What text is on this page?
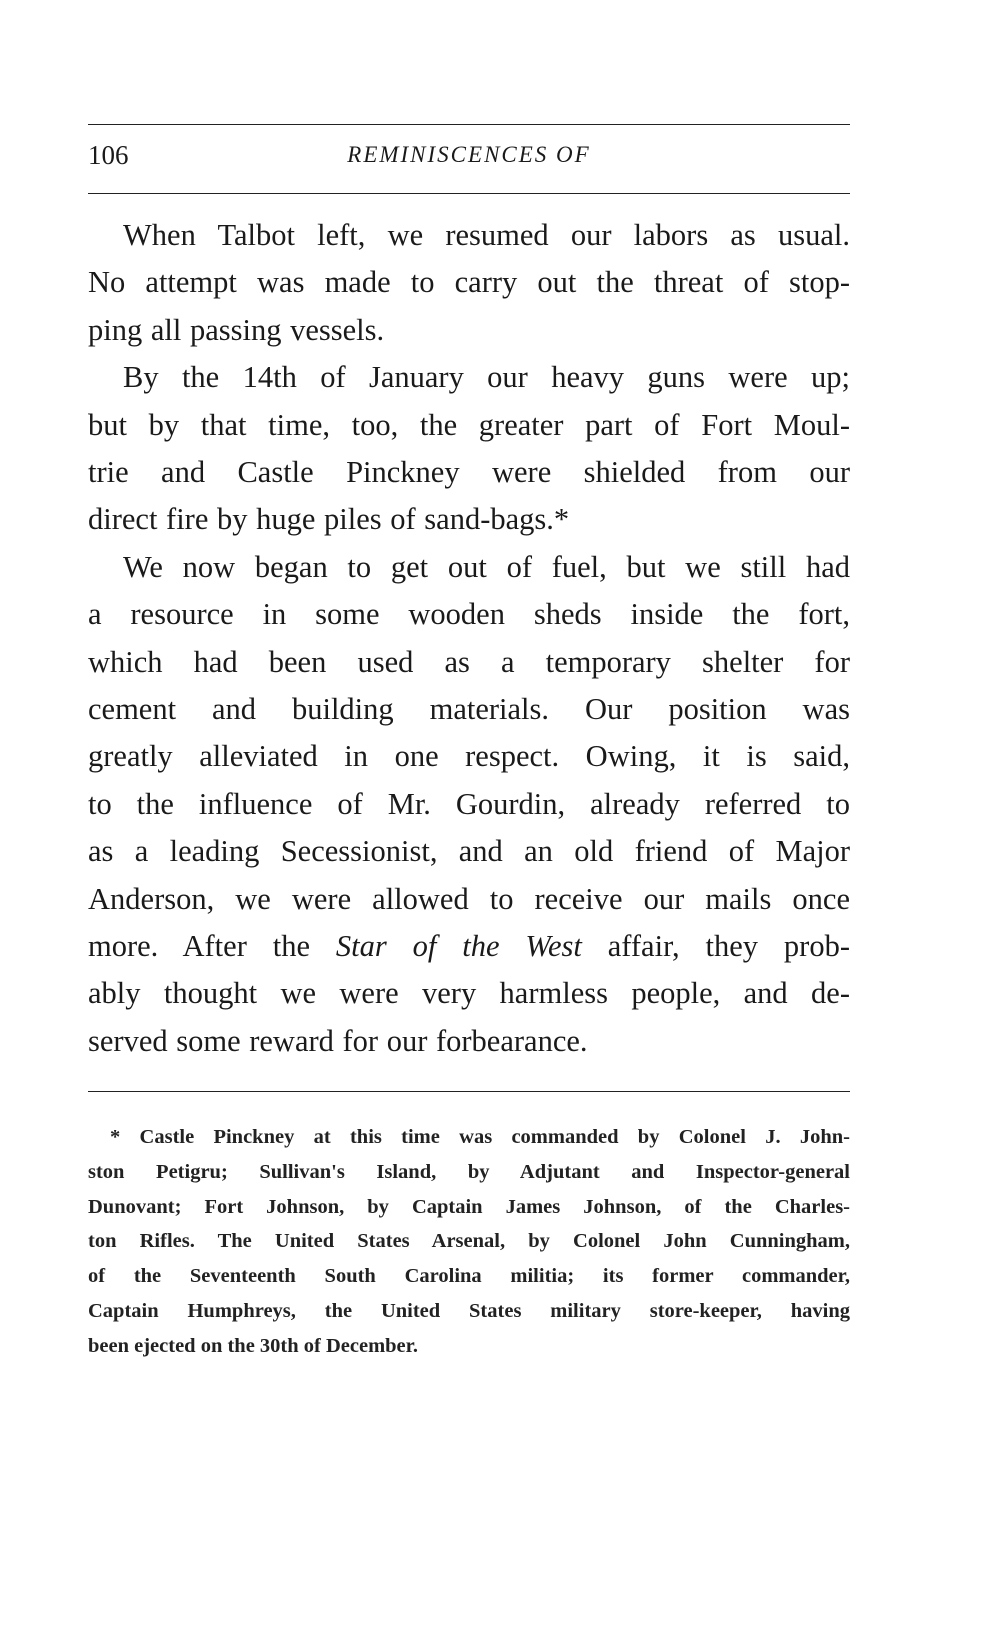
106	REMINISCENCES OF
When Talbot left, we resumed our labors as usual.
No attempt was made to carry out the threat of stop-
ping all passing vessels.
By the 14th of January our heavy guns were up;
but by that time, too, the greater part of Fort Moul-
trie and Castle Pinckney were shielded from our
direct fire by huge piles of sand-bags.*
We now began to get out of fuel, but we still had
a resource in some wooden sheds inside the fort,
which had been used as a temporary shelter for
cement and building materials. Our position was
greatly alleviated in one respect. Owing, it is said,
to the influence of Mr. Gourdin, already referred to
as a leading Secessionist, and an old friend of Major
Anderson, we were allowed to receive our mails once
more. After the Star of the West affair, they prob-
ably thought we were very harmless people, and de-
served some reward for our forbearance.
* Castle Pinckney at this time was commanded by Colonel J. John-
ston Petigru; Sullivan's Island, by Adjutant and Inspector-general
Dunovant; Fort Johnson, by Captain James Johnson, of the Charles-
ton Rifles. The United States Arsenal, by Colonel John Cunningham,
of the Seventeenth South Carolina militia; its former commander,
Captain Humphreys, the United States military store-keeper, having
been ejected on the 30th of December.
